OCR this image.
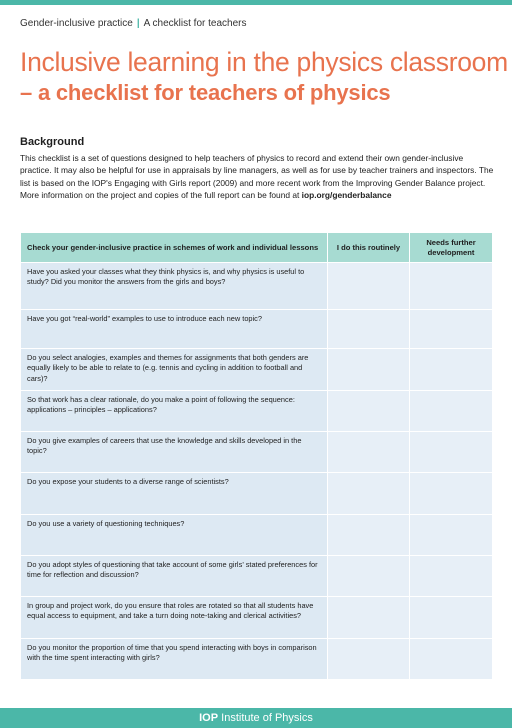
Gender-inclusive practice | A checklist for teachers
Inclusive learning in the physics classroom
– a checklist for teachers of physics
Background
This checklist is a set of questions designed to help teachers of physics to record and extend their own gender-inclusive practice. It may also be helpful for use in appraisals by line managers, as well as for use by teacher trainers and inspectors. The list is based on the IOP's Engaging with Girls report (2009) and more recent work from the Improving Gender Balance project. More information on the project and copies of the full report can be found at iop.org/genderbalance
Check your gender-inclusive practice in schemes of work and individual lessons	I do this routinely	Needs further development
Have you asked your classes what they think physics is, and why physics is useful to study? Did you monitor the answers from the girls and boys?		
Have you got “real-world” examples to use to introduce each new topic?		
Do you select analogies, examples and themes for assignments that both genders are equally likely to be able to relate to (e.g. tennis and cycling in addition to football and cars)?		
So that work has a clear rationale, do you make a point of following the sequence: applications – principles – applications?		
Do you give examples of careers that use the knowledge and skills developed in the topic?		
Do you expose your students to a diverse range of scientists?		
Do you use a variety of questioning techniques?		
Do you adopt styles of questioning that take account of some girls’ stated preferences for time for reflection and discussion?		
In group and project work, do you ensure that roles are rotated so that all students have equal access to equipment, and take a turn doing note-taking and clerical activities?		
Do you monitor the proportion of time that you spend interacting with boys in comparison with the time spent interacting with girls?		
IOP Institute of Physics
